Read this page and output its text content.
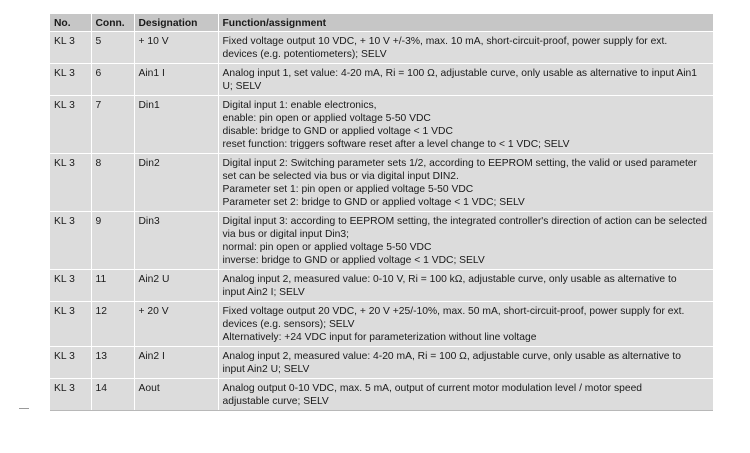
No.	Conn.	Designation	Function/assignment
KL 3	5	+ 10 V	Fixed voltage output 10 VDC, + 10 V +/-3%, max. 10 mA, short-circuit-proof, power supply for ext.
devices (e.g. potentiometers); SELV

KL 3	6	Ain1 I	Analog input 1, set value: 4-20 mA, Ri = 100 Ω, adjustable curve, only usable as alternative to input Ain1
U; SELV

KL 3	7	Din1	Digital input 1: enable electronics,
enable: pin open or applied voltage 5-50 VDC
disable: bridge to GND or applied voltage < 1 VDC
reset function: triggers software reset after a level change to < 1 VDC; SELV

KL 3	8	Din2	Digital input 2: Switching parameter sets 1/2, according to EEPROM setting, the valid or used parameter
set can be selected via bus or via digital input DIN2.
Parameter set 1: pin open or applied voltage 5-50 VDC
Parameter set 2: bridge to GND or applied voltage < 1 VDC; SELV

KL 3	9	Din3	Digital input 3: according to EEPROM setting, the integrated controller's direction of action can be selected
via bus or digital input Din3;
normal: pin open or applied voltage 5-50 VDC
inverse: bridge to GND or applied voltage < 1 VDC; SELV

KL 3	11	Ain2 U	Analog input 2, measured value: 0-10 V, Ri = 100 kΩ, adjustable curve, only usable as alternative to
input Ain2 I; SELV

KL 3	12	+ 20 V	Fixed voltage output 20 VDC, + 20 V +25/-10%, max. 50 mA, short-circuit-proof, power supply for ext.
devices (e.g. sensors); SELV
Alternatively: +24 VDC input for parameterization without line voltage

KL 3	13	Ain2 I	Analog input 2, measured value: 4-20 mA, Ri = 100 Ω, adjustable curve, only usable as alternative to
input Ain2 U; SELV

KL 3	14	Aout	Analog output 0-10 VDC, max. 5 mA, output of current motor modulation level / motor speed
adjustable curve; SELV
